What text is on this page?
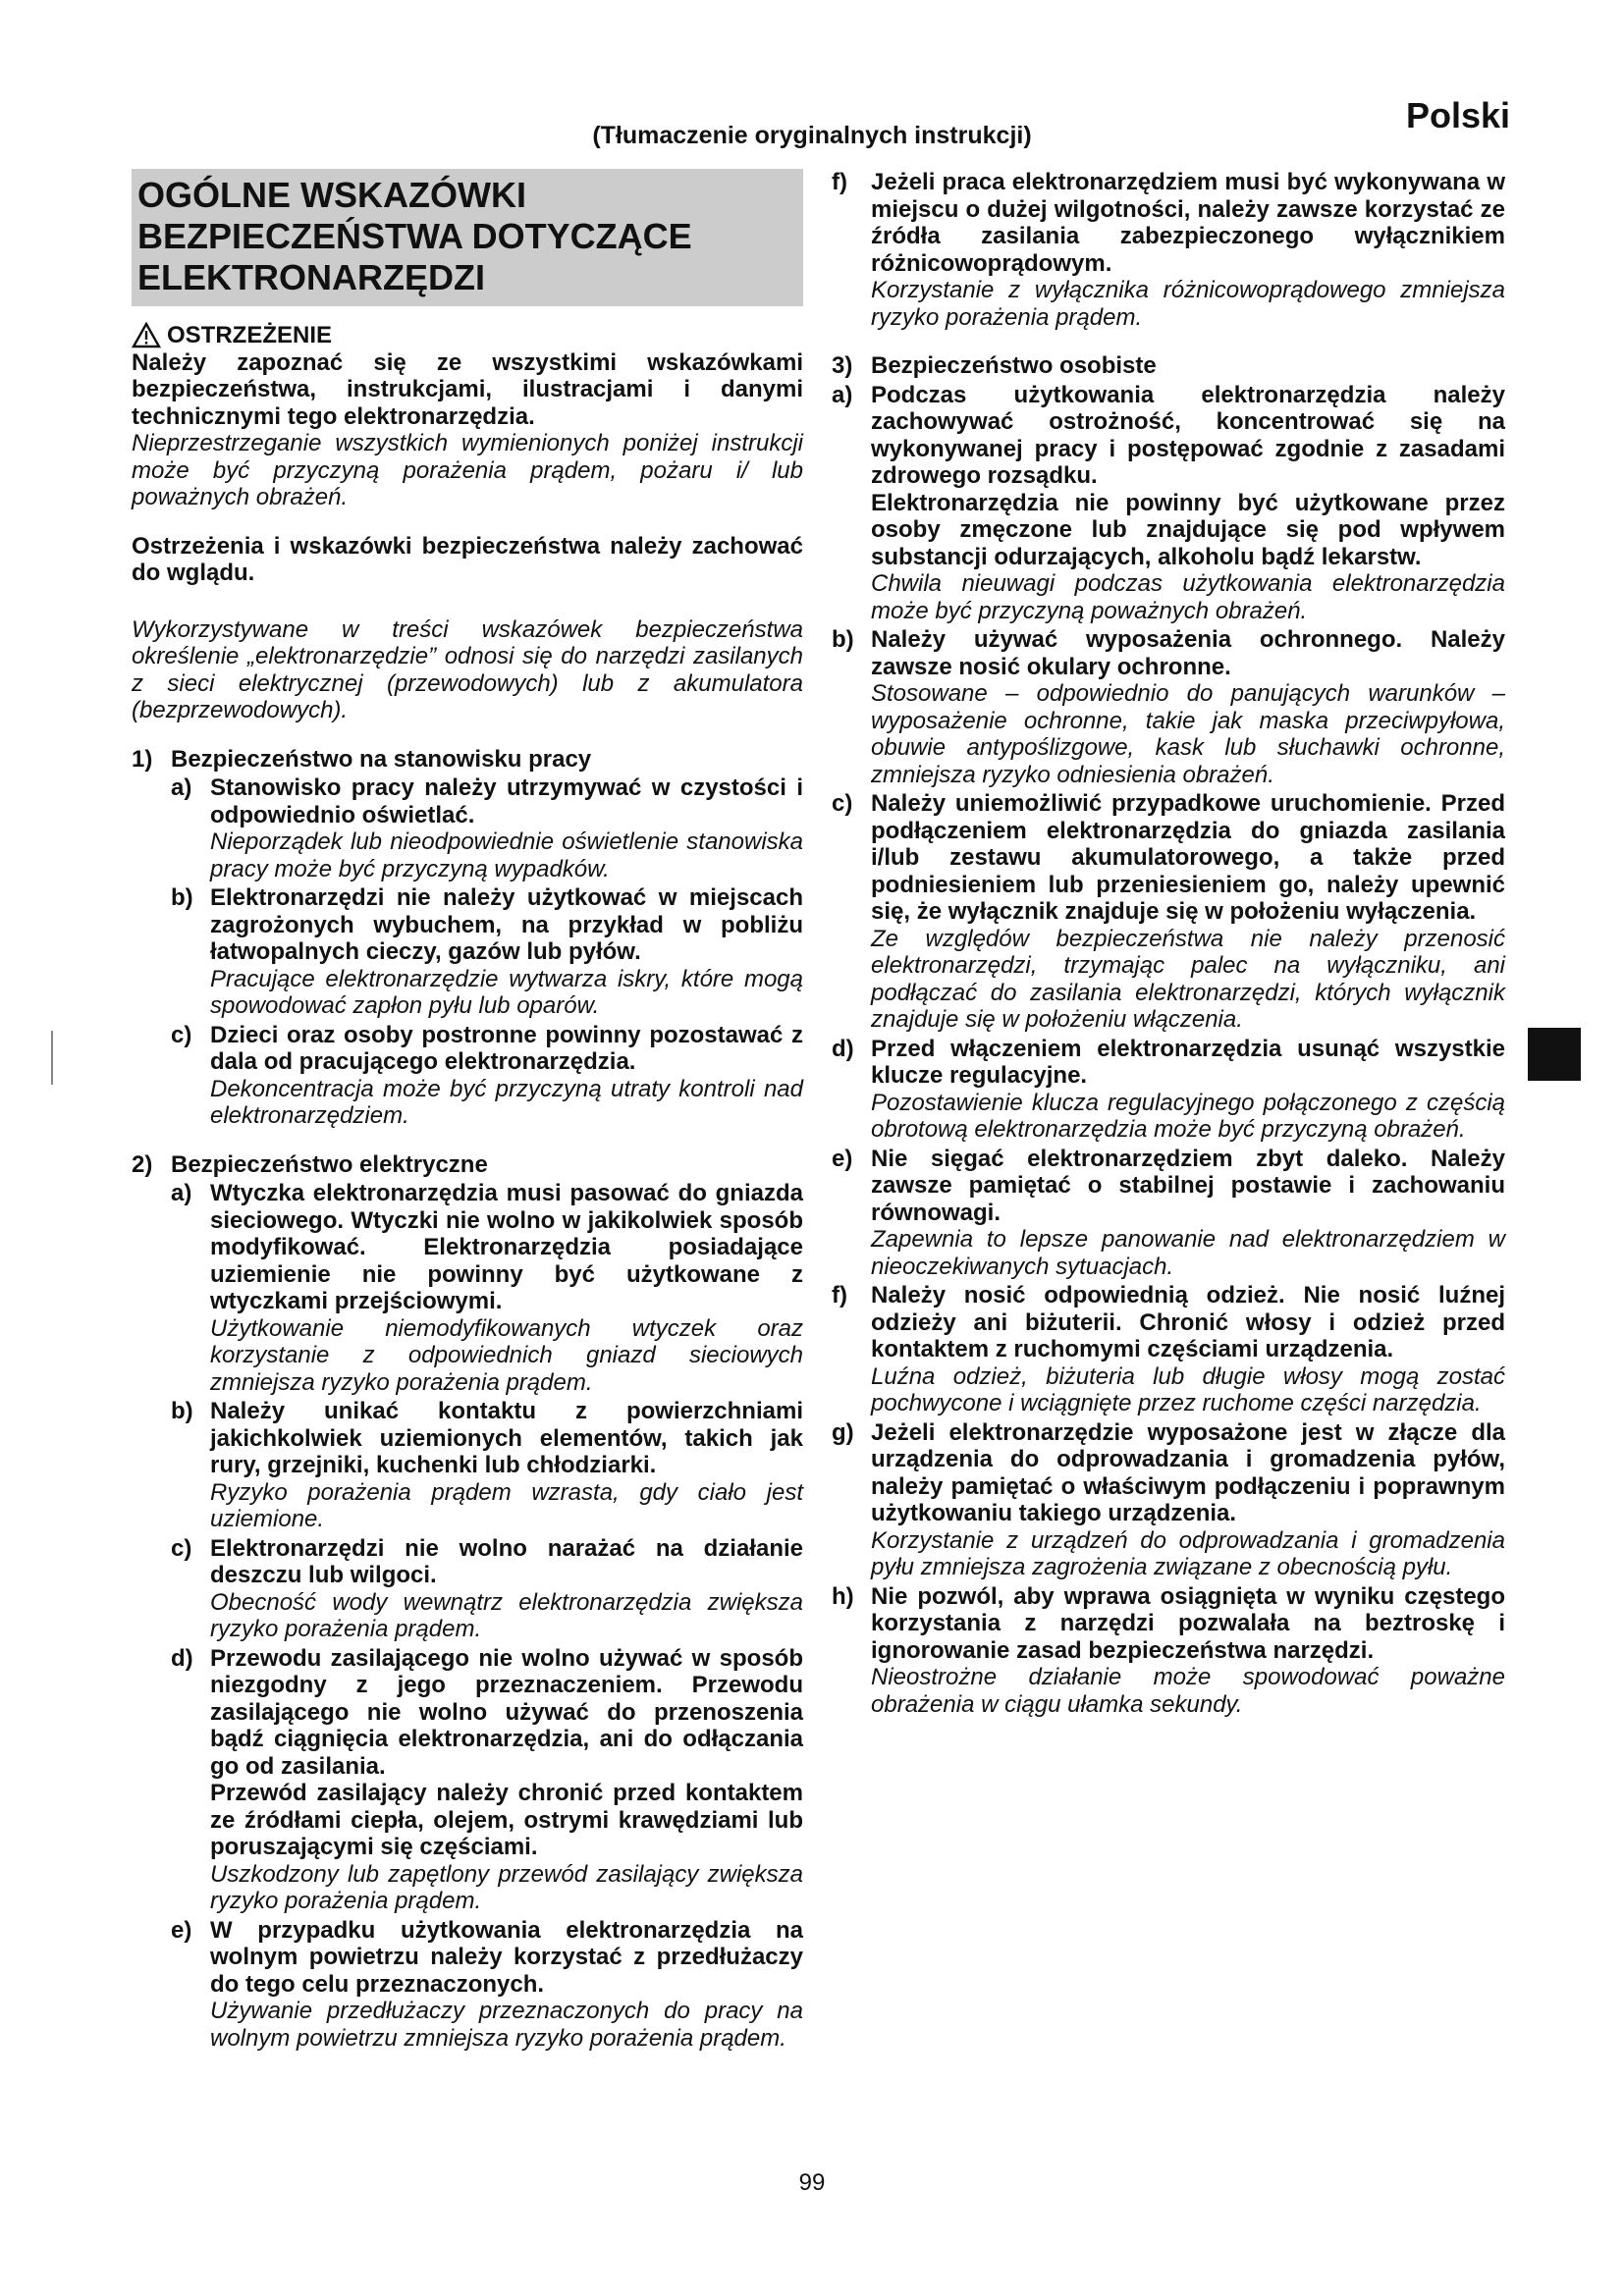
(Tłumaczenie oryginalnych instrukcji)	Polski
OGÓLNE WSKAZÓWKI
BEZPIECZEŃSTWA DOTYCZĄCE
ELEKTRONARZĘDZI
OSTRZEŻENIE

Należy zapoznać się ze wszystkimi wskazówkami bezpieczeństwa, instrukcjami, ilustracjami i danymi technicznymi tego elektronarzędzia.

Nieprzestrzeganie wszystkich wymienionych poniżej instrukcji może być przyczyną porażenia prądem, pożaru i/ lub poważnych obrażeń.

Ostrzeżenia i wskazówki bezpieczeństwa należy zachować do wglądu.

Wykorzystywane w treści wskazówek bezpieczeństwa określenie „elektronarzędzie” odnosi się do narzędzi zasilanych z sieci elektrycznej (przewodowych) lub z akumulatora (bezprzewodowych).

1) Bezpieczeństwo na stanowisku pracy
a) Stanowisko pracy należy utrzymywać w czystości i odpowiednio oświetlać.

Nieporządek lub nieodpowiednie oświetlenie stanowiska pracy może być przyczyną wypadków.

b) Elektronarzędzi nie należy użytkować w miejscach zagrożonych wybuchem, na przykład w pobliżu łatwopalnych cieczy, gazów lub pyłów.

Pracujące elektronarzędzie wytwarza iskry, które mogą spowodować zapłon pyłu lub oparów.

c) Dzieci oraz osoby postronne powinny pozostawać z dala od pracującego elektronarzędzia.

Dekoncentracja może być przyczyną utraty kontroli nad elektronarzędziem.

2) Bezpieczeństwo elektryczne
a) Wtyczka elektronarzędzia musi pasować do gniazda sieciowego. Wtyczki nie wolno w jakikolwiek sposób modyfikować. Elektronarzędzia posiadające uziemienie nie powinny być użytkowane z wtyczkami przejściowymi.

Użytkowanie niemodyfikowanych wtyczek oraz korzystanie z odpowiednich gniazd sieciowych zmniejsza ryzyko porażenia prądem.

b) Należy unikać kontaktu z powierzchniami jakichkolwiek uziemionych elementów, takich jak rury, grzejniki, kuchenki lub chłodziarki.

Ryzyko porażenia prądem wzrasta, gdy ciało jest uziemione.

c) Elektronarzędzi nie wolno narażać na działanie deszczu lub wilgoci.

Obecność wody wewnątrz elektronarzędzia zwiększa ryzyko porażenia prądem.

d) Przewodu zasilającego nie wolno używać w sposób niezgodny z jego przeznaczeniem. Przewodu zasilającego nie wolno używać do przenoszenia bądź ciągnięcia elektronarzędzia, ani do odłączania go od zasilania.

Przewód zasilający należy chronić przed kontaktem ze źródłami ciepła, olejem, ostrymi krawędziami lub poruszającymi się częściami.

Uszkodzony lub zapętlony przewód zasilający zwiększa ryzyko porażenia prądem.

e) W przypadku użytkowania elektronarzędzia na wolnym powietrzu należy korzystać z przedłużaczy do tego celu przeznaczonych.

Używanie przedłużaczy przeznaczonych do pracy na wolnym powietrzu zmniejsza ryzyko porażenia prądem.

f)	Jeżeli praca elektronarzędziem musi być wykonywana w miejscu o dużej wilgotności, należy zawsze korzystać ze źródła zasilania zabezpieczonego wyłącznikiem różnicowoprądowym.

Korzystanie z wyłącznika różnicowoprądowego zmniejsza ryzyko porażenia prądem.

3) Bezpieczeństwo osobiste
a) Podczas użytkowania elektronarzędzia należy zachowywać ostrożność, koncentrować się na wykonywanej pracy i postępować zgodnie z zasadami zdrowego rozsądku.

Elektronarzędzia nie powinny być użytkowane przez osoby zmęczone lub znajdujące się pod wpływem substancji odurzających, alkoholu bądź lekarstw.

Chwila nieuwagi podczas użytkowania elektronarzędzia może być przyczyną poważnych obrażeń.

b) Należy używać wyposażenia ochronnego. Należy zawsze nosić okulary ochronne.

Stosowane – odpowiednio do panujących warunków – wyposażenie ochronne, takie jak maska przeciwpyłowa, obuwie antypoślizgowe, kask lub słuchawki ochronne, zmniejsza ryzyko odniesienia obrażeń.

c) Należy uniemożliwić przypadkowe uruchomienie. Przed podłączeniem elektronarzędzia do gniazda zasilania i/lub zestawu akumulatorowego, a także przed podniesieniem lub przeniesieniem go, należy upewnić się, że wyłącznik znajduje się w położeniu wyłączenia.

Ze względów bezpieczeństwa nie należy przenosić elektronarzędzi, trzymając palec na wyłączniku, ani podłączać do zasilania elektronarzędzi, których wyłącznik znajduje się w położeniu włączenia.

d) Przed włączeniem elektronarzędzia usunąć wszystkie klucze regulacyjne.

Pozostawienie klucza regulacyjnego połączonego z częścią obrotową elektronarzędzia może być przyczyną obrażeń.

e) Nie sięgać elektronarzędziem zbyt daleko. Należy zawsze pamiętać o stabilnej postawie i zachowaniu równowagi.

Zapewnia to lepsze panowanie nad elektronarzędziem w nieoczekiwanych sytuacjach.

f)	Należy nosić odpowiednią odzież. Nie nosić luźnej odzieży ani biżuterii. Chronić włosy i odzież przed kontaktem z ruchomymi częściami urządzenia.

Luźna odzież, biżuteria lub długie włosy mogą zostać pochwycone i wciągnięte przez ruchome części narzędzia.

g) Jeżeli elektronarzędzie wyposażone jest w złącze dla urządzenia do odprowadzania i gromadzenia pyłów, należy pamiętać o właściwym podłączeniu i poprawnym użytkowaniu takiego urządzenia.

Korzystanie z urządzeń do odprowadzania i gromadzenia pyłu zmniejsza zagrożenia związane z obecnością pyłu.

h) Nie pozwól, aby wprawa osiągnięta w wyniku częstego korzystania z narzędzi pozwalała na beztroskę i ignorowanie zasad bezpieczeństwa narzędzi.

Nieostrożne działanie może spowodować poważne obrażenia w ciągu ułamka sekundy.

99
